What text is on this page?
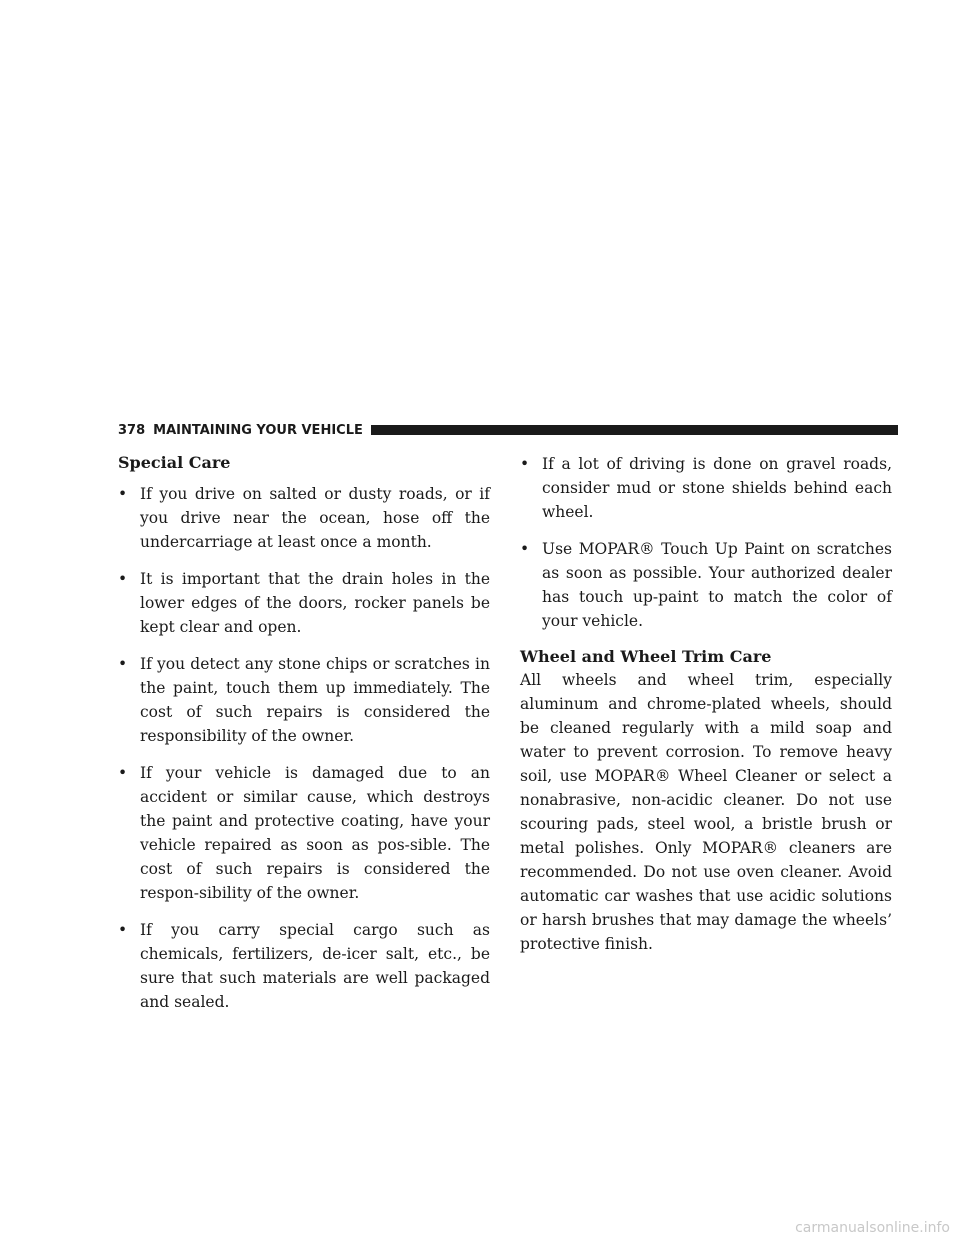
378 MAINTAINING YOUR VEHICLE
Special Care
• If you drive on salted or dusty roads, or if you drive near the ocean, hose off the undercarriage at least once a month.
• It is important that the drain holes in the lower edges of the doors, rocker panels be kept clear and open.
• If you detect any stone chips or scratches in the paint, touch them up immediately. The cost of such repairs is considered the responsibility of the owner.
• If your vehicle is damaged due to an accident or similar cause, which destroys the paint and protective coating, have your vehicle repaired as soon as pos-sible. The cost of such repairs is considered the respon-sibility of the owner.
• If you carry special cargo such as chemicals, fertilizers, de-icer salt, etc., be sure that such materials are well packaged and sealed.
• If a lot of driving is done on gravel roads, consider mud or stone shields behind each wheel.
• Use MOPAR® Touch Up Paint on scratches as soon as possible. Your authorized dealer has touch up-paint to match the color of your vehicle.
Wheel and Wheel Trim Care

All wheels and wheel trim, especially aluminum and chrome-plated wheels, should be cleaned regularly with a mild soap and water to prevent corrosion. To remove heavy soil, use MOPAR® Wheel Cleaner or select a nonabrasive, non-acidic cleaner. Do not use scouring pads, steel wool, a bristle brush or metal polishes. Only MOPAR® cleaners are recommended. Do not use oven cleaner. Avoid automatic car washes that use acidic solutions or harsh brushes that may damage the wheels’ protective finish.

carmanualsonline.info
